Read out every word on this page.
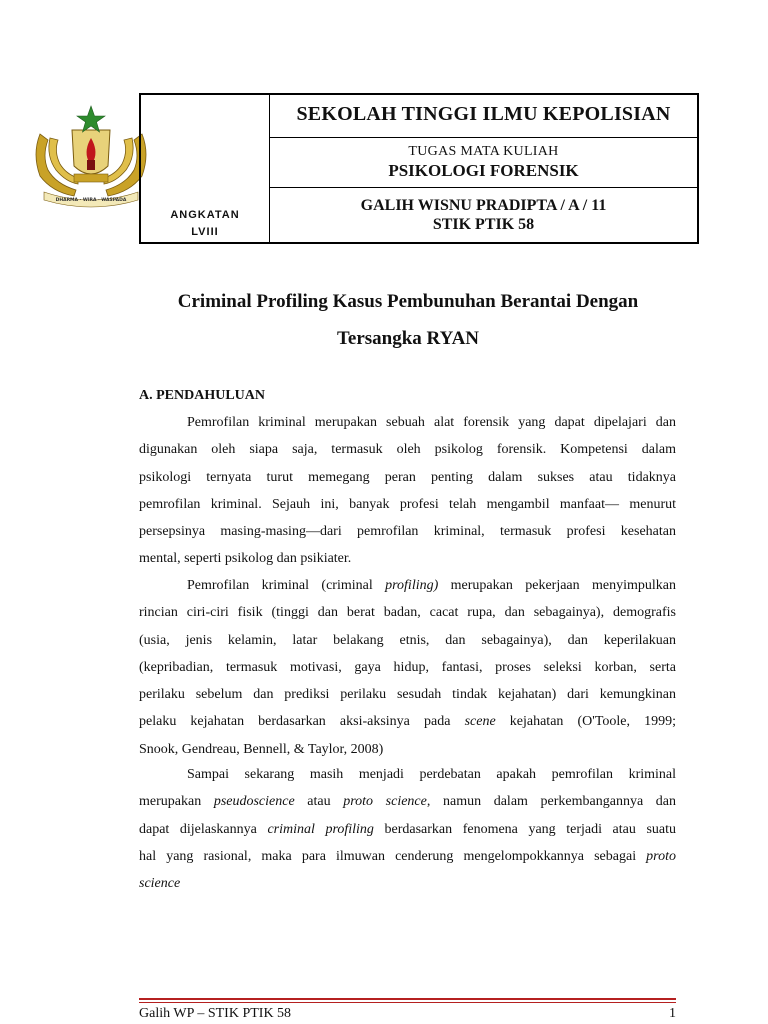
DHARMA · WIRA · WASPADA
ANGKATAN
LVIII
SEKOLAH TINGGI ILMU KEPOLISIAN
TUGAS MATA KULIAH
PSIKOLOGI FORENSIK
GALIH WISNU PRADIPTA / A / 11
STIK PTIK 58
Criminal Profiling Kasus Pembunuhan Berantai Dengan
Tersangka RYAN
A. PENDAHULUAN
Pemrofilan kriminal merupakan sebuah alat forensik yang dapat dipelajari dan
digunakan oleh siapa saja, termasuk oleh psikolog forensik. Kompetensi dalam
psikologi ternyata turut memegang peran penting dalam sukses atau tidaknya
pemrofilan kriminal. Sejauh ini, banyak profesi telah mengambil manfaat— menurut
persepsinya masing-masing—dari pemrofilan kriminal, termasuk profesi kesehatan
mental, seperti psikolog dan psikiater.
Pemrofilan kriminal (criminal profiling) merupakan pekerjaan menyimpulkan
rincian ciri-ciri fisik (tinggi dan berat badan, cacat rupa, dan sebagainya), demografis
(usia, jenis kelamin, latar belakang etnis, dan sebagainya), dan keperilakuan
(kepribadian, termasuk motivasi, gaya hidup, fantasi, proses seleksi korban, serta
perilaku sebelum dan prediksi perilaku sesudah tindak kejahatan) dari kemungkinan
pelaku kejahatan berdasarkan aksi-aksinya pada scene kejahatan (O'Toole, 1999;
Snook, Gendreau, Bennell, & Taylor, 2008)
Sampai sekarang masih menjadi perdebatan apakah pemrofilan kriminal
merupakan pseudoscience atau proto science, namun dalam perkembangannya dan
dapat dijelaskannya criminal profiling berdasarkan fenomena yang terjadi atau suatu
hal yang rasional, maka para ilmuwan cenderung mengelompokkannya sebagai proto
science
Galih WP – STIK PTIK 58	1
